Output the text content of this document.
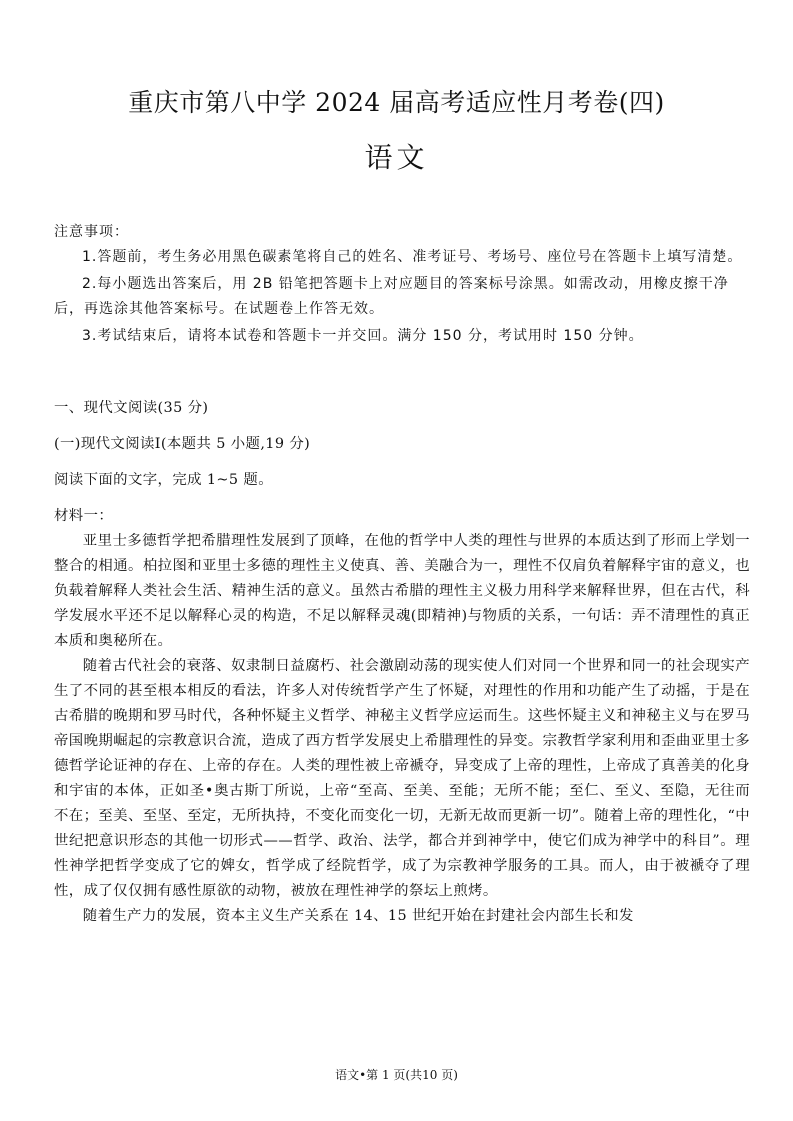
重庆市第八中学 2024 届高考适应性月考卷(四)
语文

注意事项：

1.答题前，考生务必用黑色碳素笔将自己的姓名、准考证号、考场号、座位号在答题卡上填写清楚。

2.每小题选出答案后，用 2B 铅笔把答题卡上对应题目的答案标号涂黑。如需改动，用橡皮擦干净后，再选涂其他答案标号。在试题卷上作答无效。

3.考试结束后，请将本试卷和答题卡一并交回。满分 150 分，考试用时 150 分钟。

一、现代文阅读(35 分)

(一)现代文阅读Ⅰ(本题共 5 小题,19 分)

阅读下面的文字，完成 1~5 题。

材料一：

亚里士多德哲学把希腊理性发展到了顶峰，在他的哲学中人类的理性与世界的本质达到了形而上学划一整合的相通。柏拉图和亚里士多德的理性主义使真、善、美融合为一，理性不仅肩负着解释宇宙的意义，也负载着解释人类社会生活、精神生活的意义。虽然古希腊的理性主义极力用科学来解释世界，但在古代，科学发展水平还不足以解释心灵的构造，不足以解释灵魂(即精神)与物质的关系，一句话：弄不清理性的真正本质和奥秘所在。

随着古代社会的衰落、奴隶制日益腐朽、社会激剧动荡的现实使人们对同一个世界和同一的社会现实产生了不同的甚至根本相反的看法，许多人对传统哲学产生了怀疑，对理性的作用和功能产生了动摇，于是在古希腊的晚期和罗马时代，各种怀疑主义哲学、神秘主义哲学应运而生。这些怀疑主义和神秘主义与在罗马帝国晚期崛起的宗教意识合流，造成了西方哲学发展史上希腊理性的异变。宗教哲学家利用和歪曲亚里士多德哲学论证神的存在、上帝的存在。人类的理性被上帝褫夺，异变成了上帝的理性，上帝成了真善美的化身和宇宙的本体，正如圣•奥古斯丁所说，上帝“至高、至美、至能；无所不能；至仁、至义、至隐，无往而不在；至美、至坚、至定，无所执持，不变化而变化一切，无新无故而更新一切”。随着上帝的理性化，“中世纪把意识形态的其他一切形式——哲学、政治、法学，都合并到神学中，使它们成为神学中的科目”。理性神学把哲学变成了它的婢女，哲学成了经院哲学，成了为宗教神学服务的工具。而人，由于被褫夺了理性，成了仅仅拥有感性原欲的动物，被放在理性神学的祭坛上煎烤。

随着生产力的发展，资本主义生产关系在 14、15 世纪开始在封建社会内部生长和发

语文•第 1 页(共10 页)
